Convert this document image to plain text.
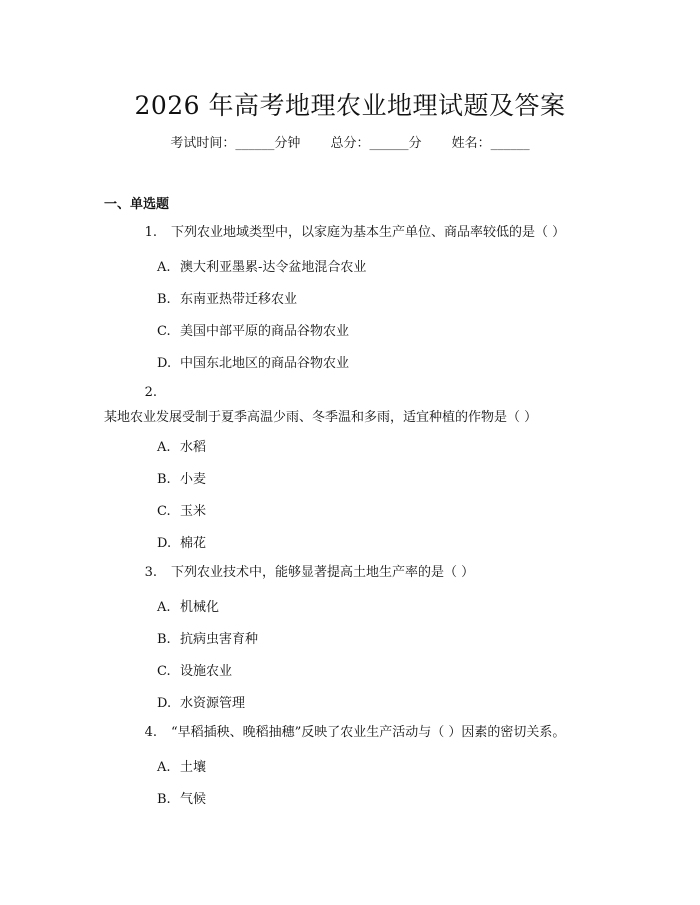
2026 年高考地理农业地理试题及答案
考试时间：______分钟 总分：______分 姓名：______
一、单选题
1. 下列农业地域类型中，以家庭为基本生产单位、商品率较低的是（ ）
A. 澳大利亚墨累-达令盆地混合农业
B. 东南亚热带迁移农业
C. 美国中部平原的商品谷物农业
D. 中国东北地区的商品谷物农业
2.某地农业发展受制于夏季高温少雨、冬季温和多雨，适宜种植的作物是（ ）
A. 水稻
B. 小麦
C. 玉米
D. 棉花
3. 下列农业技术中，能够显著提高土地生产率的是（ ）
A. 机械化
B. 抗病虫害育种
C. 设施农业
D. 水资源管理
4. “早稻插秧、晚稻抽穗”反映了农业生产活动与（ ）因素的密切关系。
A. 土壤
B. 气候
